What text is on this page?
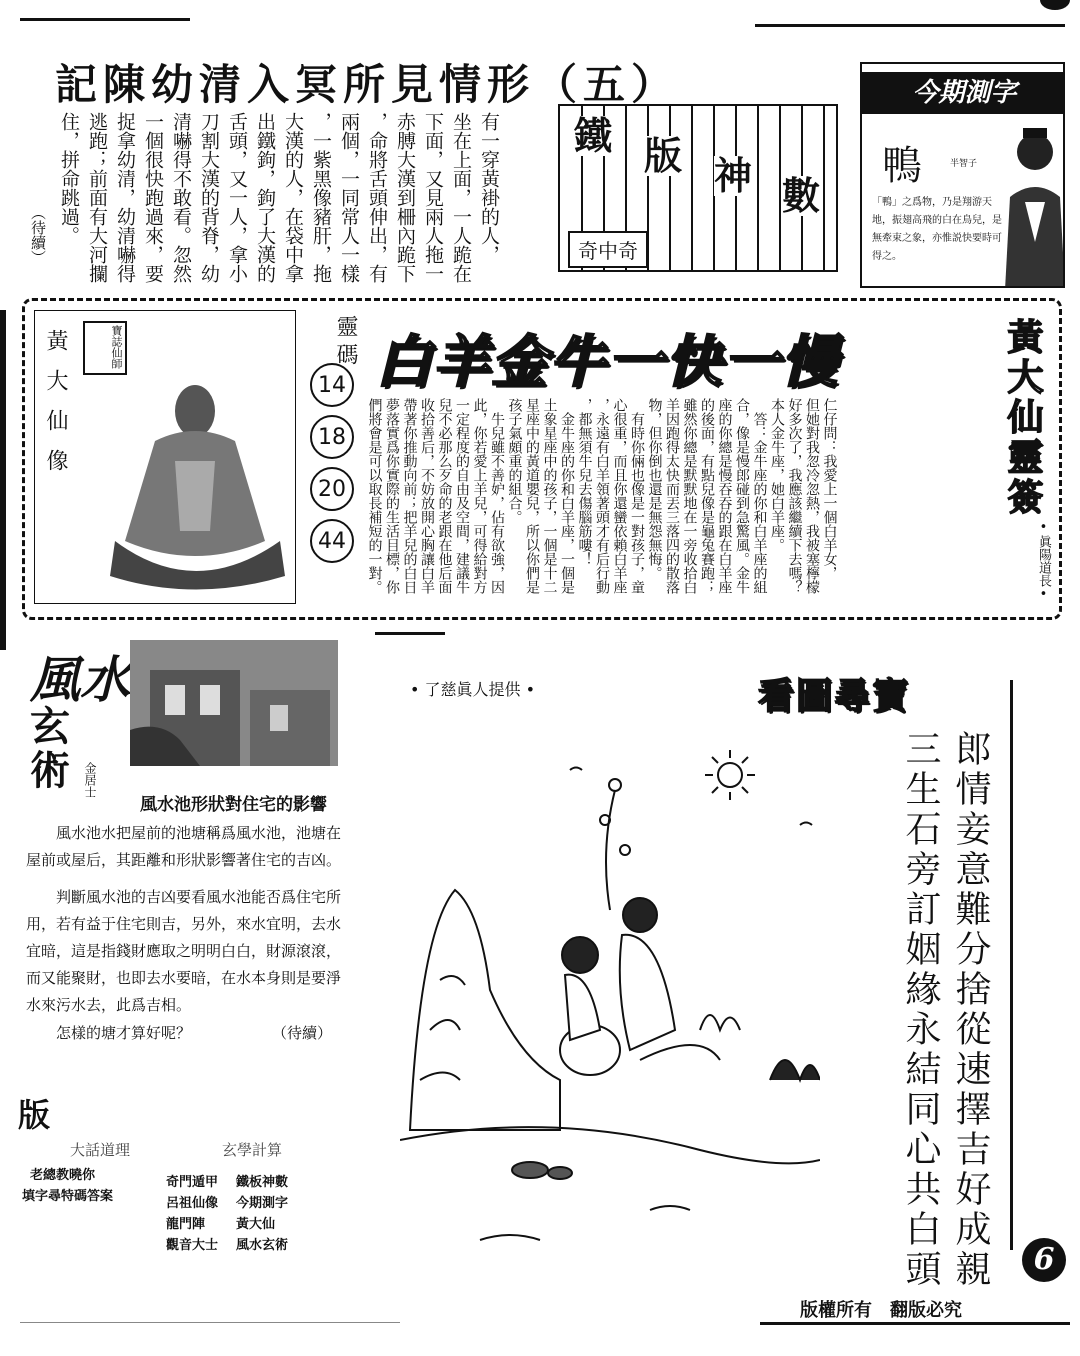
記陳幼清入冥所見情形（五）
有一穿黃褂的人，
坐在上面，一人跪在
下面，又見兩人拖一
赤膊大漢到柵內跪下
，命將舌頭伸出，有
兩個，一同常人一樣
，一紫黑像豬肝，拖
大漢的人，在袋中拿
出鐵鉤，鉤了大漢的
舌頭，又一人，拿小
刀割大漢的背脊，幼
清嚇得不敢看。忽然
一個很快跑過來，要
捉拿幼清，幼清嚇得
逃跑；前面有大河攔
住，拼命跳過。
（待續）
鐵 版 神 數
奇中奇
今期測字
鴨	半智子
「鴨」之爲物，乃是翔游天地，振翅高飛的白在鳥兒，是無牽束之象，亦惟説快要時可得之。
黃大仙像
寶誌仙師	靈碼
14
18
20
44
白羊金牛一快一慢
仁仔問：我愛上一個白羊女，
但她對我忽冷忽熱，我被塞檸檬
好多次了，我應該繼續下去嗎？
本人金牛座，她白羊座。
　答：金牛座的你和白羊座的組
合，像是慢郎碰到急驚風。金牛
座的你總是慢吞吞的跟在白羊座
的後面，有點兒像是龜兔賽跑；
雖然你總是默默地在一旁收拾白
羊因跑得太快而丟三落四的散落
物，但你倒也還是無怨無悔。
　有時你倆也像是一對孩子，童
心很重，而且你還蠻依賴白羊座
，永遠有白羊領著頭才有后行動
，都無須牛兒去傷腦筋嘍！
　金牛座的你和白羊座，一個是
土象星座中的孩子，一個是十二
星座中的黃道嬰兒，所以你們是
孩子氣頗重的組合。
　牛兒雖不善妒，佔有欲強，因
此，你若愛上羊兒，可得給對方
一定程度的自由及空間，建議牛
兒不必那么歹命的老跟在他后面
收拾善后，不妨放開心胸讓白羊
帶著你推動向前；把羊兒的白日
夢落實爲你實際的生活目標，你
們將會是可以取長補短的一對。	黃大仙靈簽
•眞陽道長•
風水
玄術	金居士
風水池形狀對住宅的影響
風水池水把屋前的池塘稱爲風水池，池塘在屋前或屋后，其距離和形狀影響著住宅的吉凶。
判斷風水池的吉凶要看風水池能否爲住宅所用，若有益于住宅則吉，另外，來水宜明，去水宜暗，這是指錢財應取之明明白白，財源滾滾，而又能聚財，也即去水要暗，在水本身則是要淨水來污水去，此爲吉相。
怎樣的塘才算好呢？	（待續）
• 了慈眞人提供 •	看圖尋寶
郎情妾意難分捨
三生石旁訂姻緣
從速擇吉好成親
永結同心共白頭	6
版
大話道理	玄學計算
老總教曉你
填字尋特碼答案
奇門遁甲 鐵板神數
呂祖仙像 今期測字
龍門陣 黃大仙
觀音大士 風水玄術
版權所有　翻版必究
